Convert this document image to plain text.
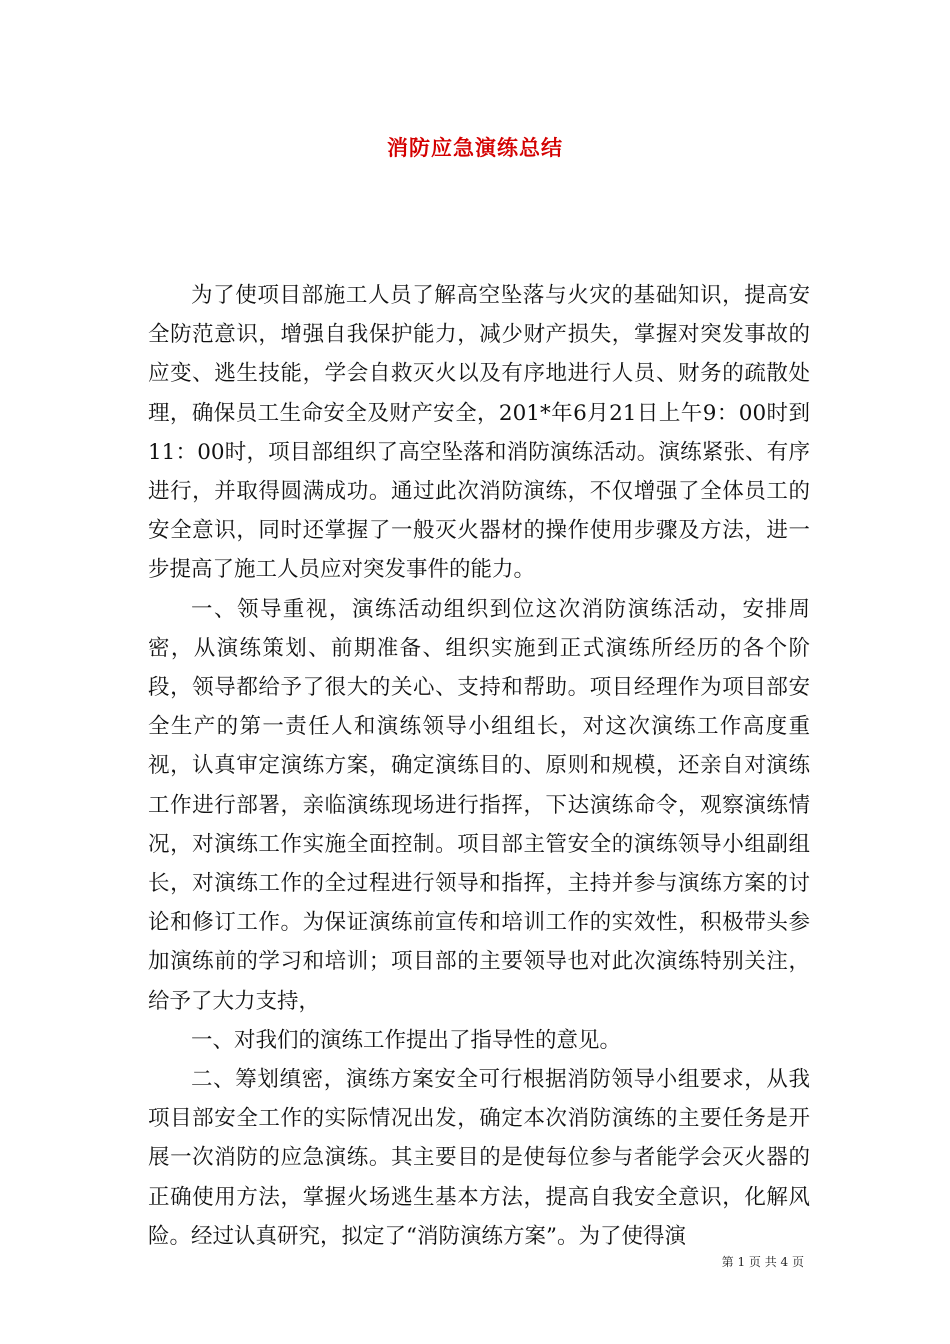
消防应急演练总结

为了使项目部施工人员了解高空坠落与火灾的基础知识，提高安全防范意识，增强自我保护能力，减少财产损失，掌握对突发事故的应变、逃生技能，学会自救灭火以及有序地进行人员、财务的疏散处理，确保员工生命安全及财产安全，201*年6月21日上午9：00时到11：00时，项目部组织了高空坠落和消防演练活动。演练紧张、有序进行，并取得圆满成功。通过此次消防演练，不仅增强了全体员工的安全意识，同时还掌握了一般灭火器材的操作使用步骤及方法，进一步提高了施工人员应对突发事件的能力。

一、领导重视，演练活动组织到位这次消防演练活动，安排周密，从演练策划、前期准备、组织实施到正式演练所经历的各个阶段，领导都给予了很大的关心、支持和帮助。项目经理作为项目部安全生产的第一责任人和演练领导小组组长，对这次演练工作高度重视，认真审定演练方案，确定演练目的、原则和规模，还亲自对演练工作进行部署，亲临演练现场进行指挥，下达演练命令，观察演练情况，对演练工作实施全面控制。项目部主管安全的演练领导小组副组长，对演练工作的全过程进行领导和指挥，主持并参与演练方案的讨论和修订工作。为保证演练前宣传和培训工作的实效性，积极带头参加演练前的学习和培训；项目部的主要领导也对此次演练特别关注，给予了大力支持，

一、对我们的演练工作提出了指导性的意见。

二、筹划缜密，演练方案安全可行根据消防领导小组要求，从我项目部安全工作的实际情况出发，确定本次消防演练的主要任务是开展一次消防的应急演练。其主要目的是使每位参与者能学会灭火器的正确使用方法，掌握火场逃生基本方法，提高自我安全意识，化解风险。经过认真研究，拟定了“消防演练方案”。为了使得演

第 1 页 共 4 页
